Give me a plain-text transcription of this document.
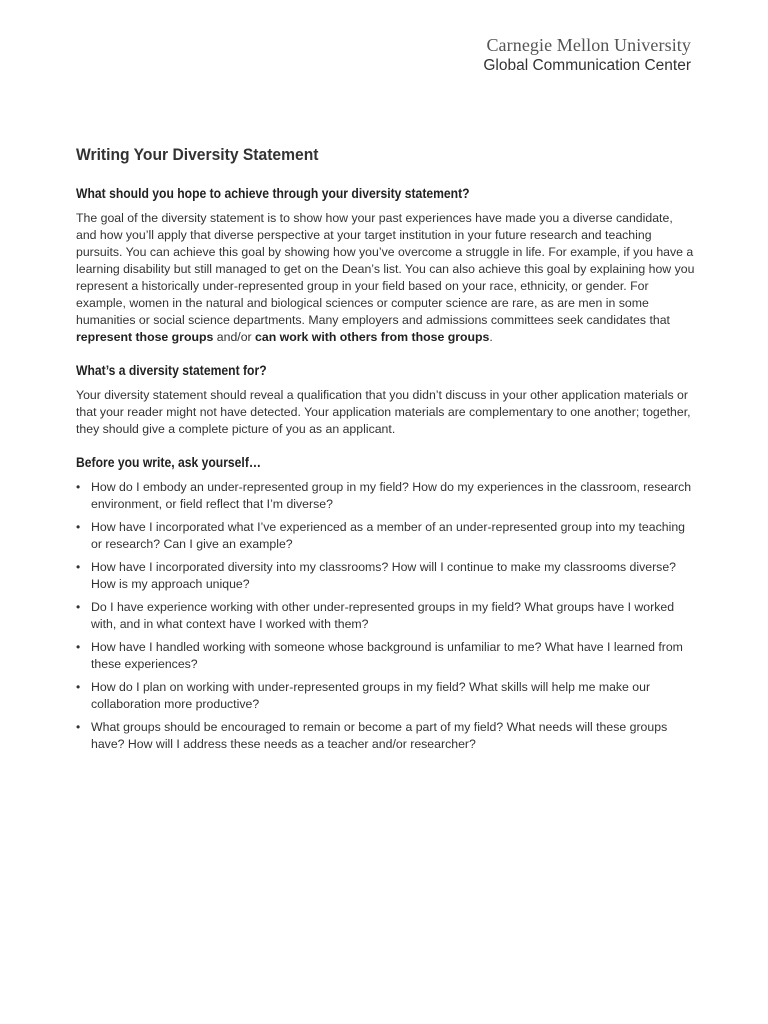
Carnegie Mellon University
Global Communication Center
Writing Your Diversity Statement
What should you hope to achieve through your diversity statement?

The goal of the diversity statement is to show how your past experiences have made you a diverse candidate, and how you’ll apply that diverse perspective at your target institution in your future research and teaching pursuits. You can achieve this goal by showing how you’ve overcome a struggle in life. For example, if you have a learning disability but still managed to get on the Dean’s list. You can also achieve this goal by explaining how you represent a historically under-represented group in your field based on your race, ethnicity, or gender. For example, women in the natural and biological sciences or computer science are rare, as are men in some humanities or social science departments. Many employers and admissions committees seek candidates that represent those groups and/or can work with others from those groups.

What’s a diversity statement for?

Your diversity statement should reveal a qualification that you didn’t discuss in your other application materials or that your reader might not have detected. Your application materials are complementary to one another; together, they should give a complete picture of you as an applicant.

Before you write, ask yourself…
• How do I embody an under-represented group in my field? How do my experiences in the classroom, research environment, or field reflect that I’m diverse?
• How have I incorporated what I’ve experienced as a member of an under-represented group into my teaching or research? Can I give an example?
• How have I incorporated diversity into my classrooms? How will I continue to make my classrooms diverse? How is my approach unique?
• Do I have experience working with other under-represented groups in my field? What groups have I worked with, and in what context have I worked with them?
• How have I handled working with someone whose background is unfamiliar to me? What have I learned from these experiences?
• How do I plan on working with under-represented groups in my field? What skills will help me make our collaboration more productive?
• What groups should be encouraged to remain or become a part of my field? What needs will these groups have? How will I address these needs as a teacher and/or researcher?
